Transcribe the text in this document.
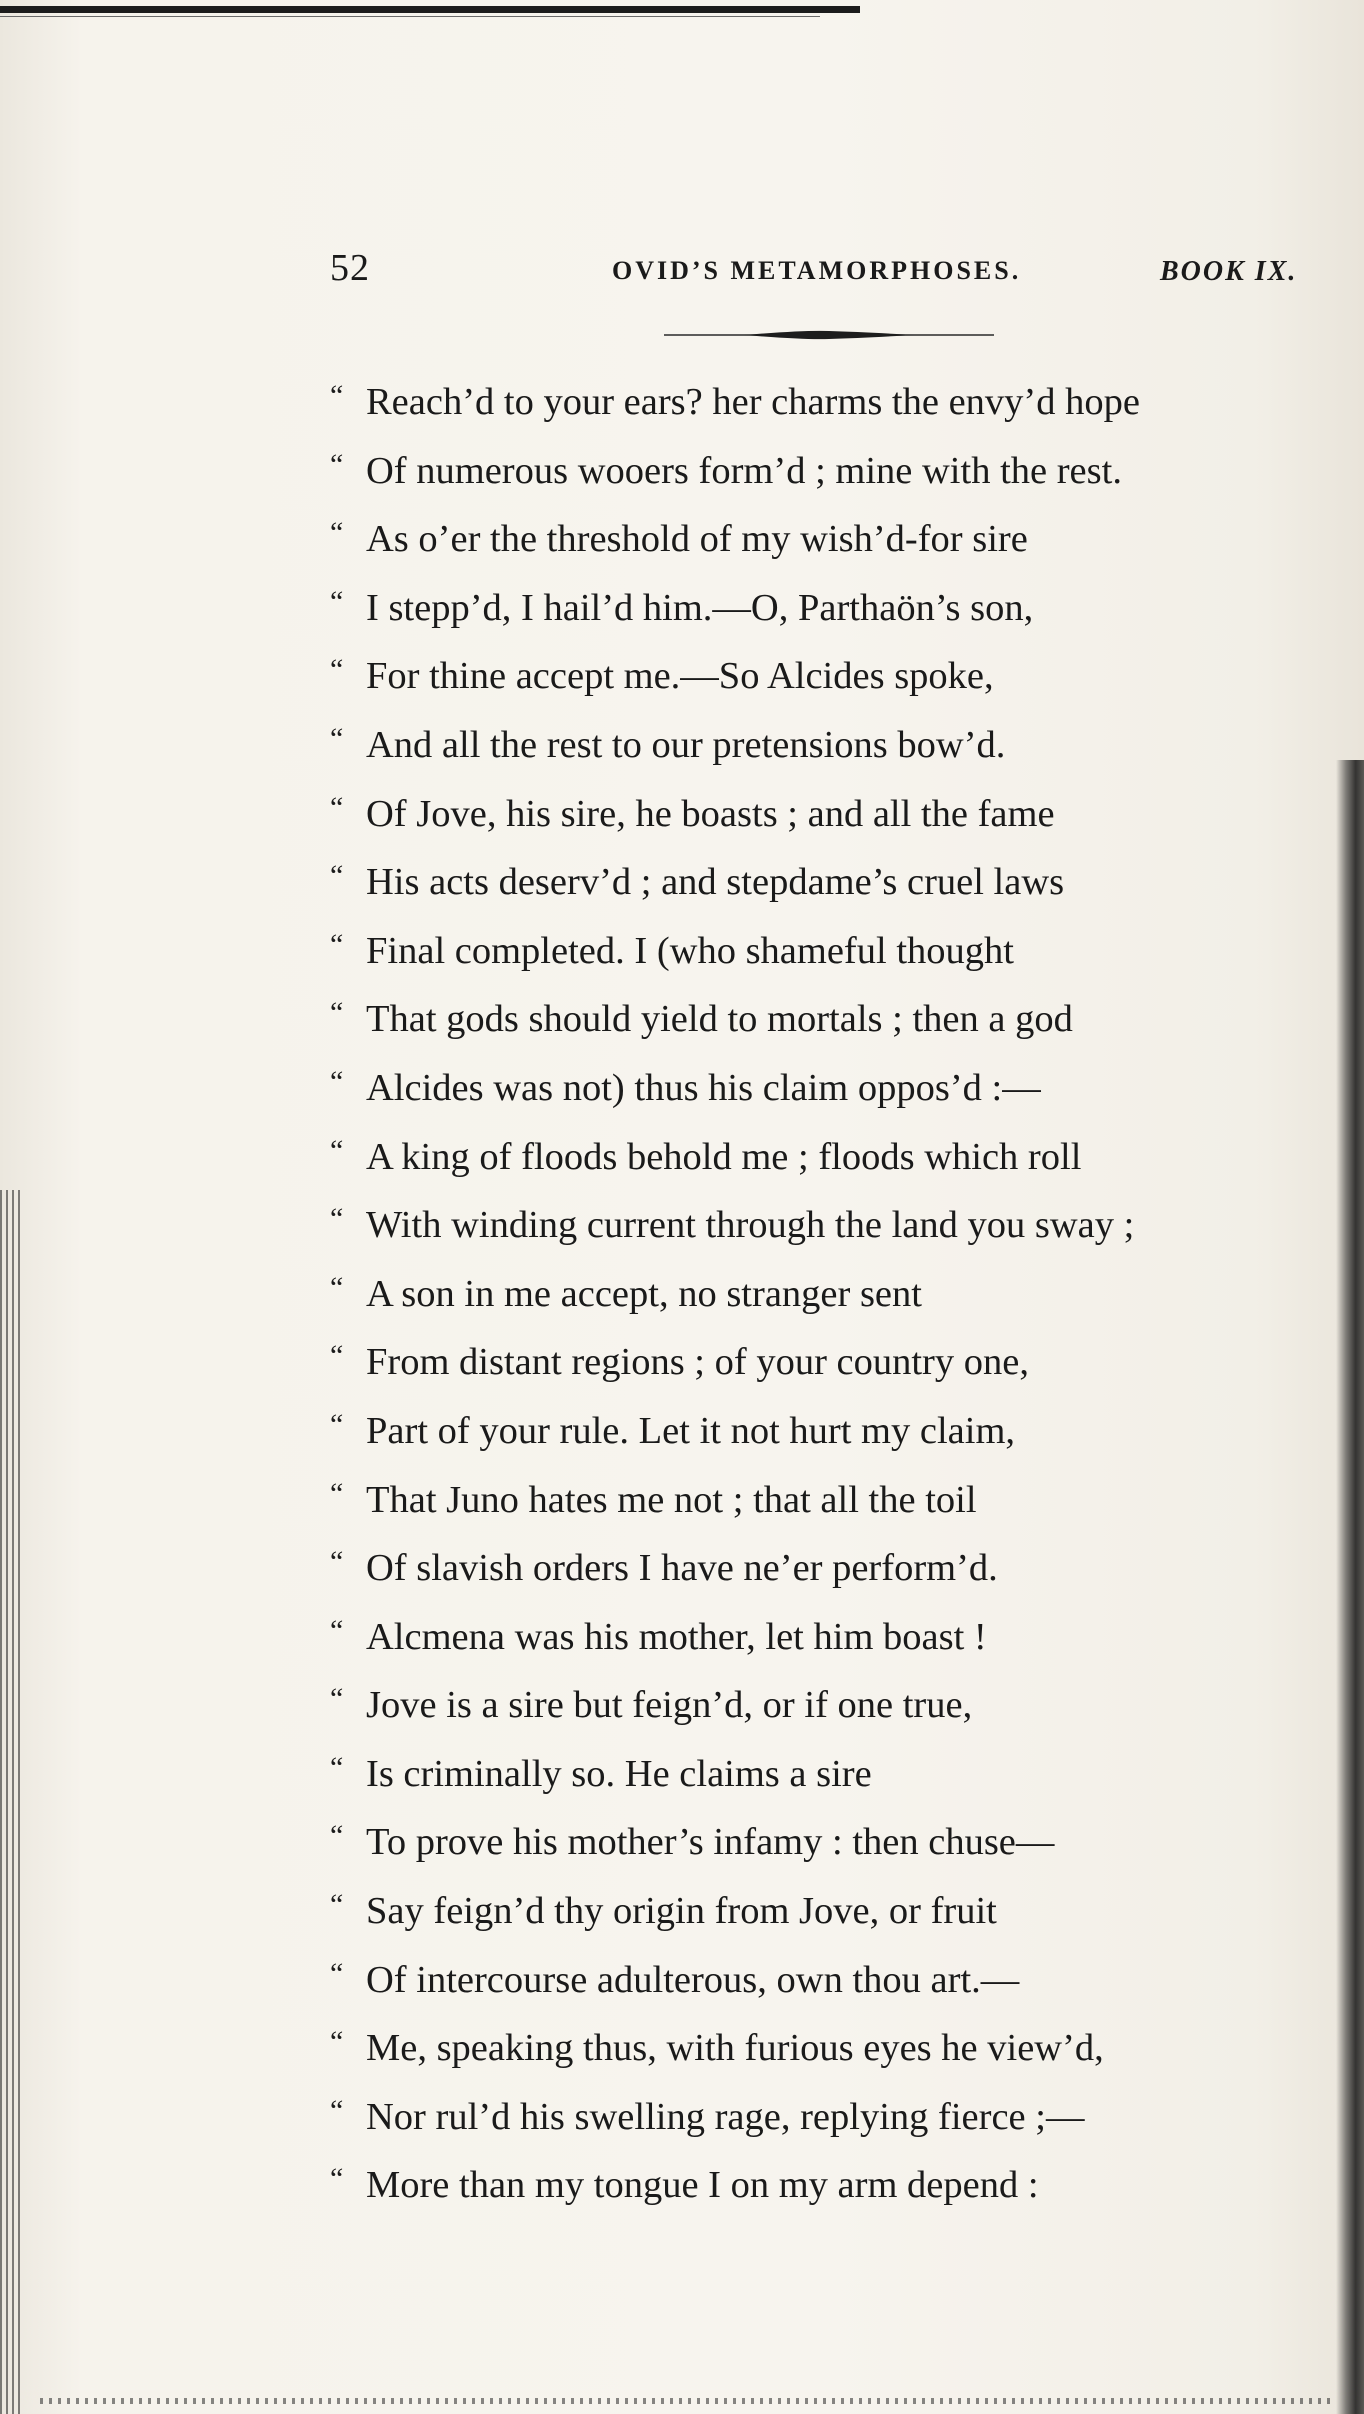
52	OVID’S METAMORPHOSES.	BOOK IX.
“ Reach’d to your ears? her charms the envy’d hope
“ Of numerous wooers form’d ; mine with the rest.
“ As o’er the threshold of my wish’d-for sire
“ I stepp’d, I hail’d him.—O, Parthaön’s son,
“ For thine accept me.—So Alcides spoke,
“ And all the rest to our pretensions bow’d.
“ Of Jove, his sire, he boasts ; and all the fame
“ His acts deserv’d ; and stepdame’s cruel laws
“ Final completed. I (who shameful thought
“ That gods should yield to mortals ; then a god
“ Alcides was not) thus his claim oppos’d :—
“ A king of floods behold me ; floods which roll
“ With winding current through the land you sway ;
“ A son in me accept, no stranger sent
“ From distant regions ; of your country one,
“ Part of your rule. Let it not hurt my claim,
“ That Juno hates me not ; that all the toil
“ Of slavish orders I have ne’er perform’d.
“ Alcmena was his mother, let him boast !
“ Jove is a sire but feign’d, or if one true,
“ Is criminally so. He claims a sire
“ To prove his mother’s infamy : then chuse—
“ Say feign’d thy origin from Jove, or fruit
“ Of intercourse adulterous, own thou art.—
“ Me, speaking thus, with furious eyes he view’d,
“ Nor rul’d his swelling rage, replying fierce ;—
“ More than my tongue I on my arm depend :
